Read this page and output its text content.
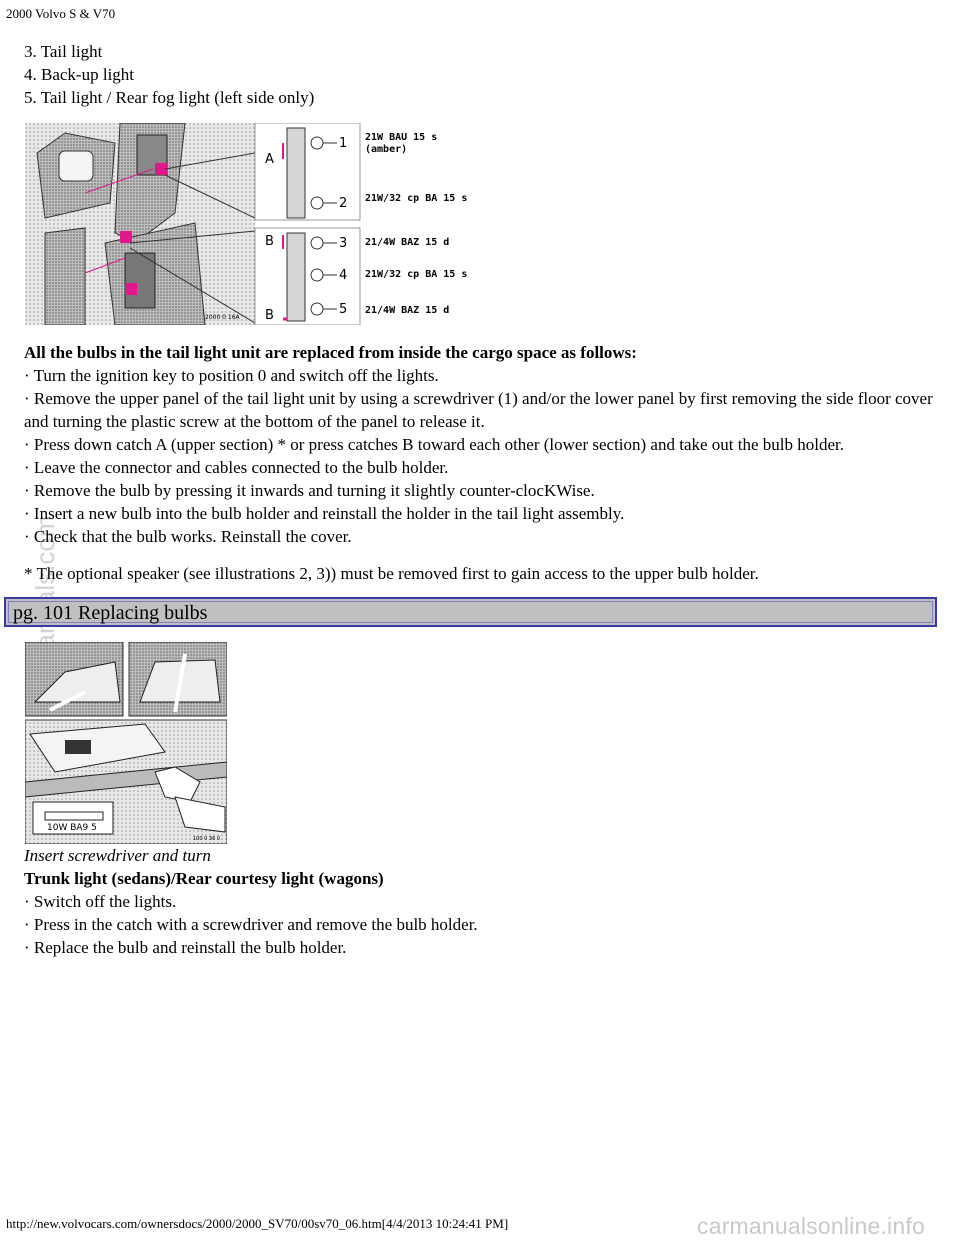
2000 Volvo S & V70

3. Tail light

4. Back-up light

5. Tail light / Rear fog light (left side only)

2000 0 16A
A
B
B
1
2
3
4
5
21W BAU 15 s
(amber)
21W/32 cp BA 15 s
21/4W BAZ 15 d
21W/32 cp BA 15 s
21/4W BAZ 15 d

All the bulbs in the tail light unit are replaced from inside the cargo space as follows:

· Turn the ignition key to position 0 and switch off the lights.

· Remove the upper panel of the tail light unit by using a screwdriver (1) and/or the lower panel by first removing the side floor cover and turning the plastic screw at the bottom of the panel to release it.

· Press down catch A (upper section) * or press catches B toward each other (lower section) and take out the bulb holder.

· Leave the connector and cables connected to the bulb holder.

· Remove the bulb by pressing it inwards and turning it slightly counter-clocKWise.

· Insert a new bulb into the bulb holder and reinstall the holder in the tail light assembly.

· Check that the bulb works. Reinstall the cover.

* The optional speaker (see illustrations 2, 3)) must be removed first to gain access to the upper bulb holder.

pg. 101 Replacing bulbs
10W BA9 5
100 0 36 0

Insert screwdriver and turn

Trunk light (sedans)/Rear courtesy light (wagons)

· Switch off the lights.

· Press in the catch with a screwdriver and remove the bulb holder.

· Replace the bulb and reinstall the bulb holder.

http://new.volvocars.com/ownersdocs/2000/2000_SV70/00sv70_06.htm[4/4/2013 10:24:41 PM]	carmanualsonline.info
